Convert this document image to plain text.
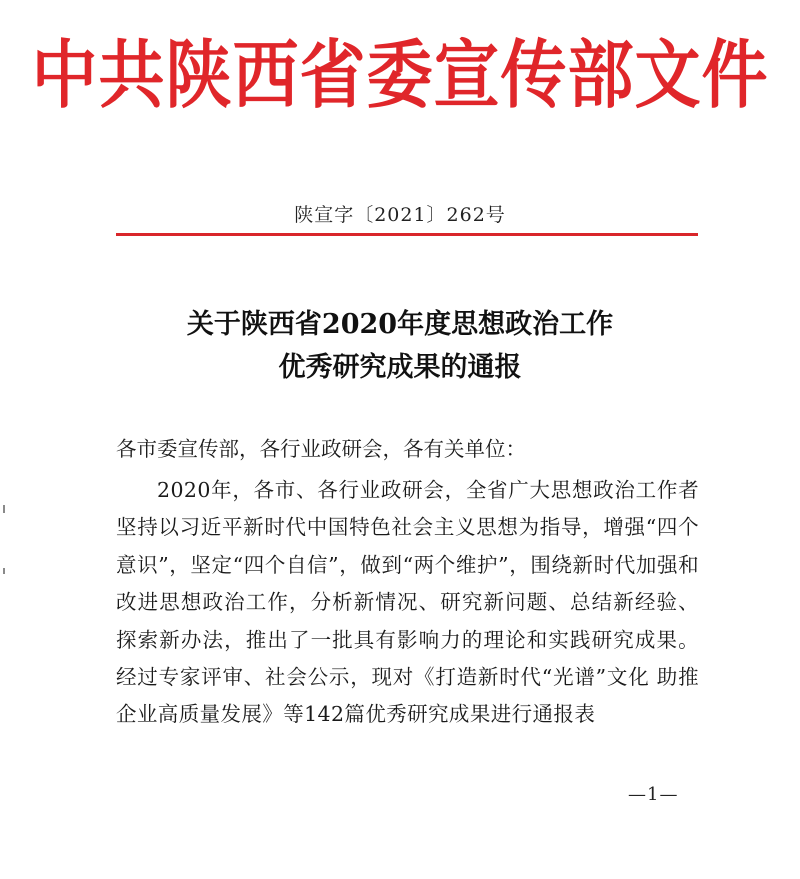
中共陕西省委宣传部文件
陕宣字〔2021〕262号
关于陕西省2020年度思想政治工作
优秀研究成果的通报
各市委宣传部，各行业政研会，各有关单位：
2020年，各市、各行业政研会，全省广大思想政治工作者坚持以习近平新时代中国特色社会主义思想为指导，增强“四个意识”，坚定“四个自信”，做到“两个维护”，围绕新时代加强和改进思想政治工作，分析新情况、研究新问题、总结新经验、探索新办法，推出了一批具有影响力的理论和实践研究成果。经过专家评审、社会公示，现对《打造新时代“光谱”文化 助推企业高质量发展》等142篇优秀研究成果进行通报表
—1—
